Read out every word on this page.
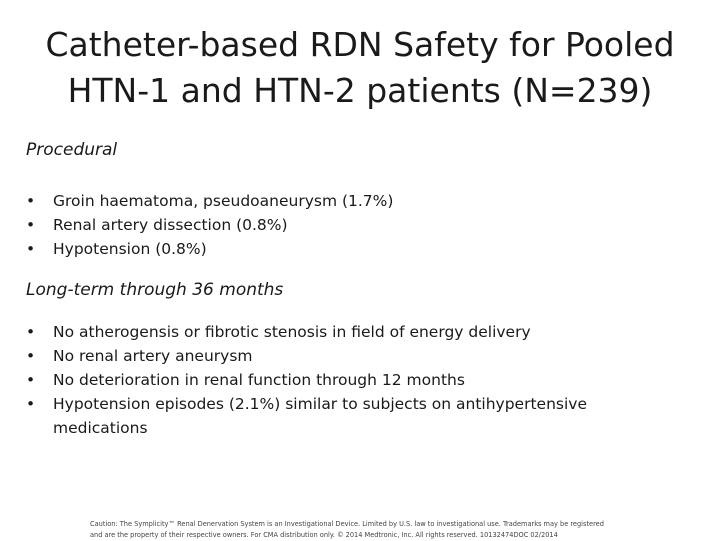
Catheter-based RDN Safety for Pooled
HTN-1 and HTN-2 patients (N=239)
Procedural
• Groin haematoma, pseudoaneurysm (1.7%)
• Renal artery dissection (0.8%)
• Hypotension (0.8%)
Long-term through 36 months
• No atherogensis or fibrotic stenosis in field of energy delivery
• No renal artery aneurysm
• No deterioration in renal function through 12 months
• Hypotension episodes (2.1%) similar to subjects on antihypertensive medications

Caution: The Symplicity™ Renal Denervation System is an Investigational Device. Limited by U.S. law to investigational use. Trademarks may be registered
and are the property of their respective owners. For CMA distribution only. © 2014 Medtronic, Inc. All rights reserved. 10132474DOC 02/2014
